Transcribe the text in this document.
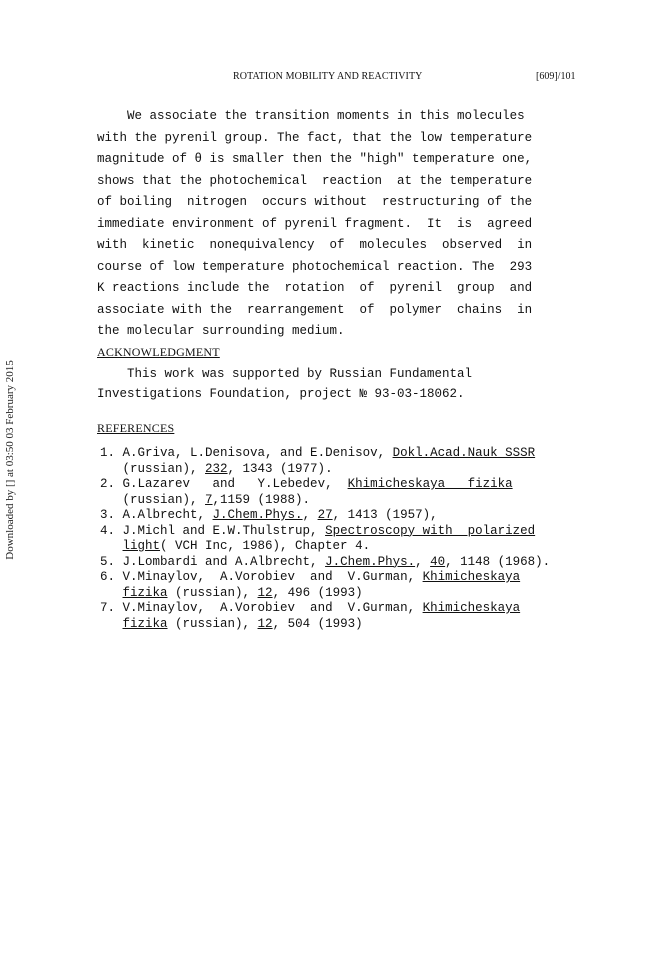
ROTATION MOBILITY AND REACTIVITY	[609]/101
Downloaded by [] at 03:50 03 February 2015
We associate the transition moments in this molecules
with the pyrenil group. The fact, that the low temperature
magnitude of θ is smaller then the "high" temperature one,
shows that the photochemical  reaction  at the temperature
of boiling  nitrogen  occurs without  restructuring of the
immediate environment of pyrenil fragment.  It  is  agreed
with  kinetic  nonequivalency  of  molecules  observed  in
course of low temperature photochemical reaction. The  293
K reactions include the  rotation  of  pyrenil  group  and
associate with the  rearrangement  of  polymer  chains  in
the molecular surrounding medium.
ACKNOWLEDGMENT
This work was supported by Russian Fundamental
Investigations Foundation, project № 93-03-18062.
REFERENCES
1. A.Griva, L.Denisova, and E.Denisov, Dokl.Acad.Nauk SSSR
(russian), 232, 1343 (1977).
2. G.Lazarev   and   Y.Lebedev,  Khimicheskaya   fizika
(russian), 7,1159 (1988).
3. A.Albrecht, J.Chem.Phys., 27, 1413 (1957),
4. J.Michl and E.W.Thulstrup, Spectroscopy with  polarized
light( VCH Inc, 1986), Chapter 4.
5. J.Lombardi and A.Albrecht, J.Chem.Phys., 40, 1148 (1968).
6. V.Minaylov,  A.Vorobiev  and  V.Gurman, Khimicheskaya
fizika (russian), 12, 496 (1993)
7. V.Minaylov,  A.Vorobiev  and  V.Gurman, Khimicheskaya
fizika (russian), 12, 504 (1993)
